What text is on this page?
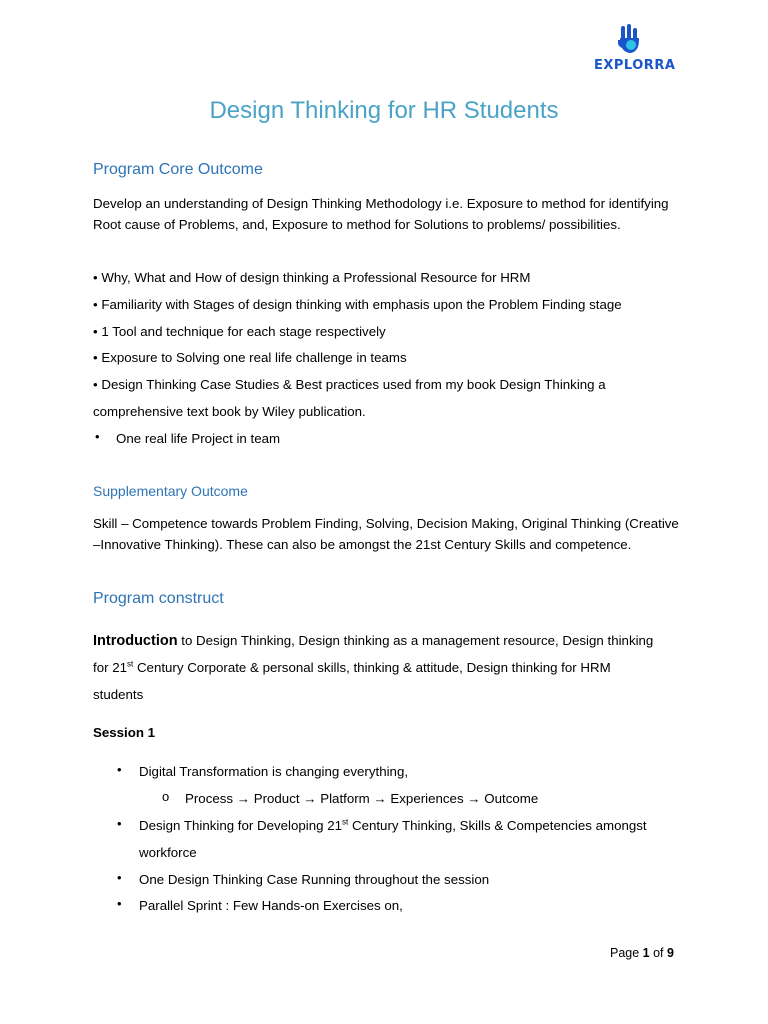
EXPLORRA
Design Thinking for HR Students
Program Core Outcome

Develop an understanding of Design Thinking Methodology i.e. Exposure to method for identifying Root cause of Problems, and, Exposure to method for Solutions to problems/ possibilities.

• Why, What and How of design thinking a Professional Resource for HRM

• Familiarity with Stages of design thinking with emphasis upon the Problem Finding stage

• 1 Tool and technique for each stage respectively

• Exposure to Solving one real life challenge in teams

• Design Thinking Case Studies & Best practices used from my book Design Thinking a

comprehensive text book by Wiley publication.

• One real life Project in team

Supplementary Outcome

Skill – Competence towards Problem Finding, Solving, Decision Making, Original Thinking (Creative –Innovative Thinking). These can also be amongst the 21st Century Skills and competence.

Program construct

Introduction to Design Thinking, Design thinking as a management resource, Design thinking

for 21st Century Corporate & personal skills, thinking & attitude, Design thinking for HRM

students

Session 1

• Digital Transformation is changing everything,

o Process → Product → Platform → Experiences → Outcome

• Design Thinking for Developing 21st Century Thinking, Skills & Competencies amongst

workforce

• One Design Thinking Case Running throughout the session

• Parallel Sprint : Few Hands-on Exercises on,

Page 1 of 9
